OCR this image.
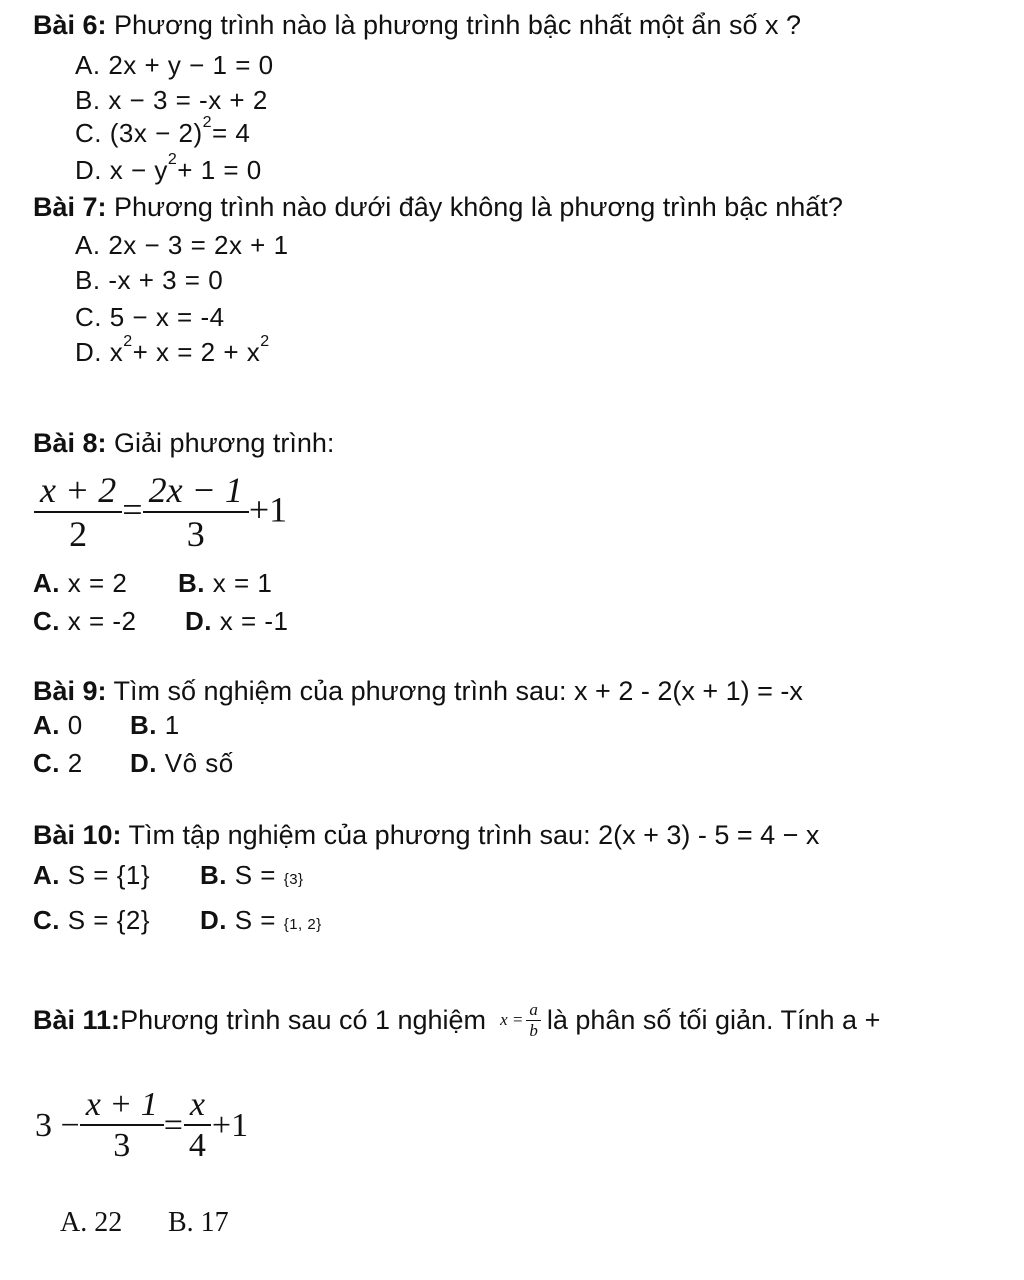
Bài 6: Phương trình nào là phương trình bậc nhất một ẩn số x ?
A. 2x + y − 1 = 0
B. x − 3 = -x + 2
C. $(3x - 2)^2= 4$
D. $x - y^2+ 1 = 0$
Bài 7: Phương trình nào dưới đây không là phương trình bậc nhất?
A. 2x − 3 = 2x + 1
B. -x + 3 = 0
C. 5 − x = -4
D. $x^2+ x = 2 + x^2$
Bài 8: Giải phương trình:
$\frac{x + 2}{2} = \frac{2x - 1}{3} +1$
A. x = 2 B. x = 1
C. x = -2 D. x = -1
Bài 9: Tìm số nghiệm của phương trình sau: x + 2 - 2(x + 1) = -x
A. 0 B. 1
C. 2 D. Vô số
Bài 10: Tìm tập nghiệm của phương trình sau: 2(x + 3) - 5 = 4 − x
A. S = {1} B. S = {3}
C. S = {2} D. S = {1, 2}
Bài 11: Phương trình sau có 1 nghiệm $x = \frac{a}{b}$ là phân số tối giản. Tính a +
$3 - \frac{x + 1}{3} = \frac{x}{4} +1$
A. 22 B. 17
